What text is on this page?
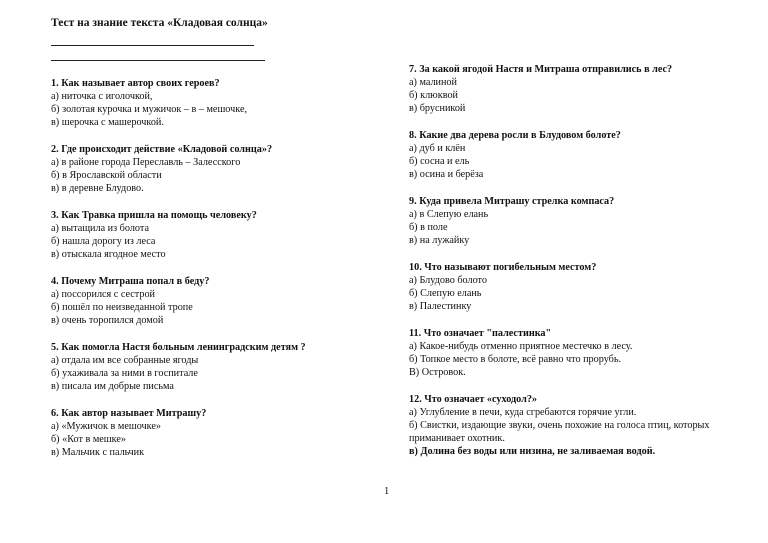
Тест на знание текста «Кладовая солнца»
1. Как называет автор своих героев?
а) ниточка с иголочкой,
б) золотая курочка и мужичок – в – мешочке,
в) шерочка с машерочкой.
2. Где происходит действие «Кладовой солнца»?
а) в районе города Переславль – Залесского
б) в Ярославской области
в) в деревне Блудово.
3. Как Травка пришла на помощь человеку?
а) вытащила из болота
б) нашла дорогу из леса
в) отыскала ягодное место
4. Почему Митраша попал в беду?
а) поссорился с сестрой
б) пошёл по неизведанной тропе
в) очень торопился домой
5. Как помогла Настя больным ленинградским детям ?
а) отдала им все собранные ягоды
б) ухаживала за ними в госпитале
в) писала им добрые письма
6. Как автор называет Митрашу?
а) «Мужичок в мешочке»
б) «Кот в мешке»
в) Мальчик с пальчик
7. За какой ягодой Настя и Митраша отправились в лес?
а) малиной
б) клюквой
в) брусникой
8. Какие два дерева росли в Блудовом болоте?
а) дуб и клён
б) сосна и ель
в) осина и берёза
9. Куда привела Митрашу стрелка компаса?
а) в Слепую елань
б) в поле
в) на лужайку
10. Что называют погибельным местом?
а) Блудово болото
б) Слепую елань
в) Палестинку
11. Что означает "палестинка"
а) Какое-нибудь отменно приятное местечко в лесу.
б) Топкое место в болоте, всё равно что прорубь.
В) Островок.
12. Что означает «суходол?»
а) Углубление в печи, куда сгребаются горячие угли.
б) Свистки, издающие звуки, очень похожие на голоса птиц, которых приманивает охотник.
в) Долина без воды или низина, не заливаемая водой.
1
